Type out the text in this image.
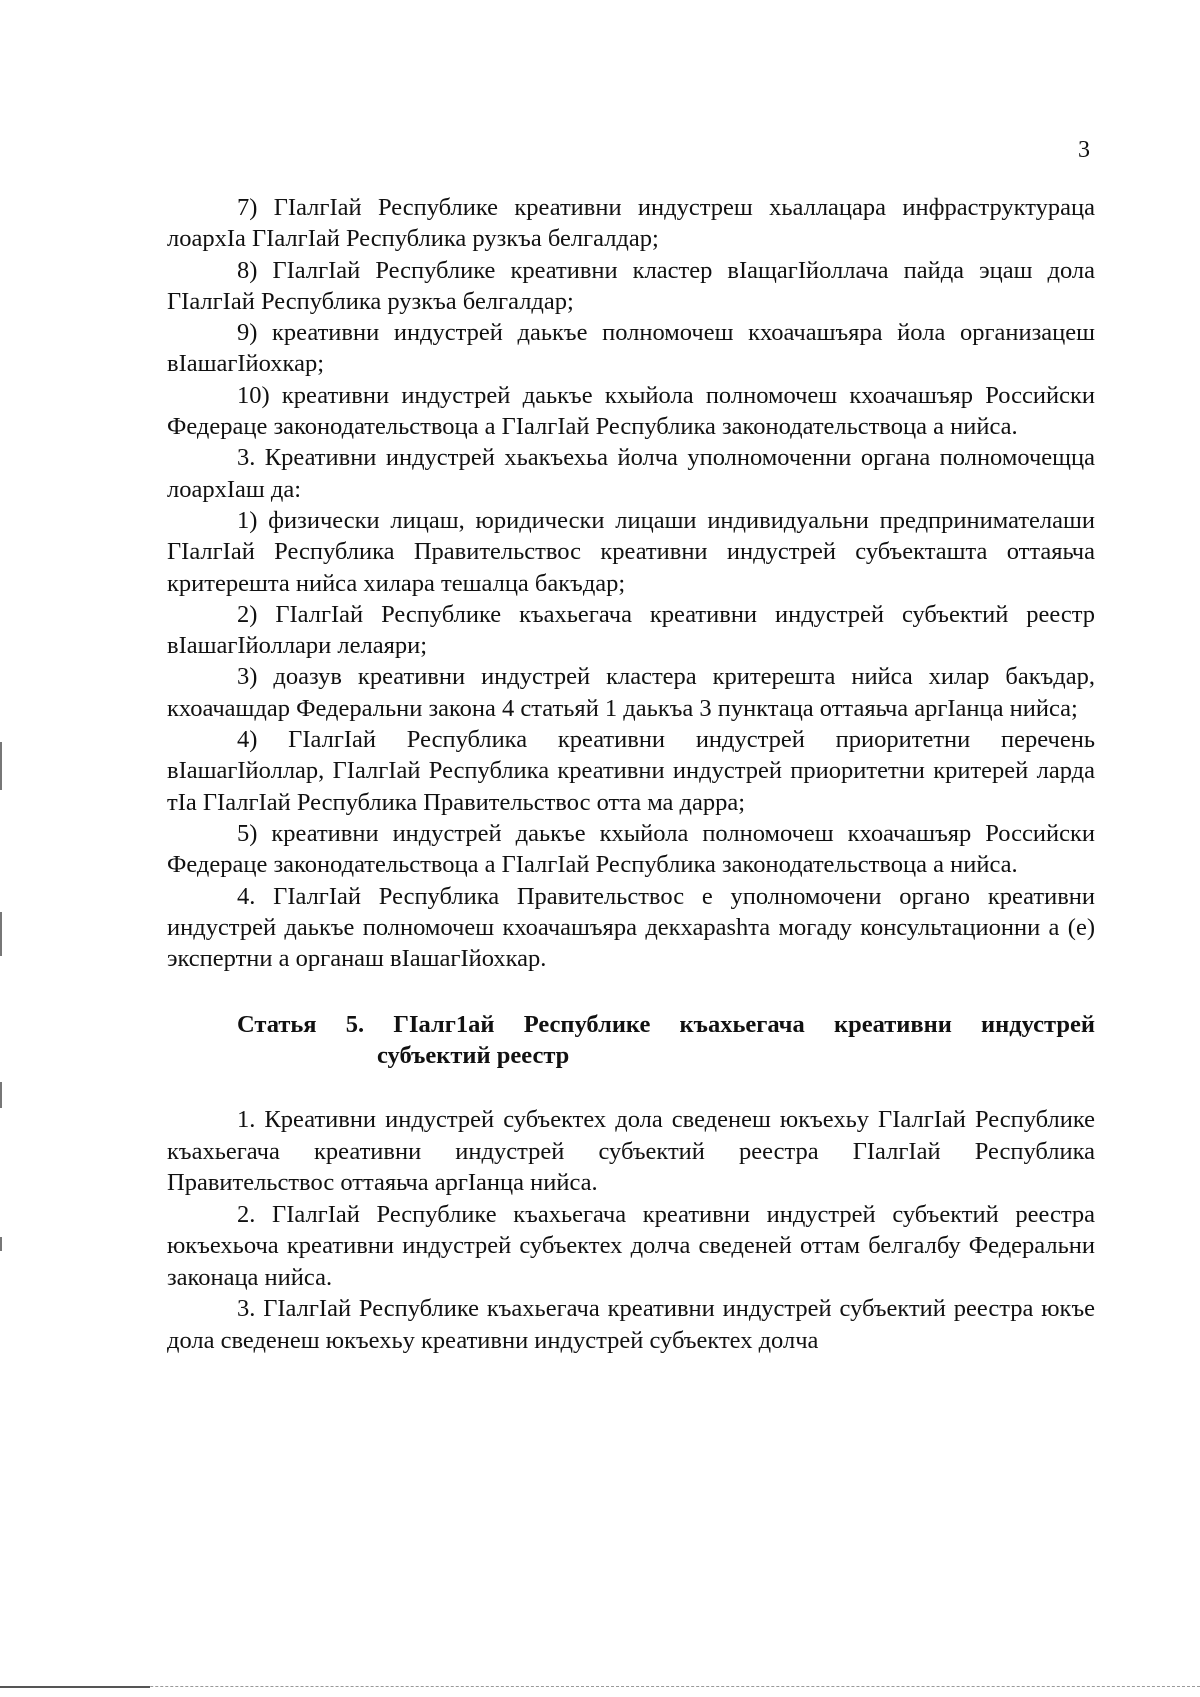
3

7) ГIалгIай Республике креативни индустреш хьаллацара инфраструктураца лоархIа ГIалгIай Республика рузкъа белгалдар;

8) ГIалгIай Республике креативни кластер вIащагIйоллача пайда эцаш дола ГIалгIай Республика рузкъа белгалдар;

9) креативни индустрей даькъе полномочеш кхоачашъяра йола организацеш вIашагIйохкар;

10) креативни индустрей даькъе кхыйола полномочеш кхоачашъяр Российски Федераце законодательствоца а ГIалгIай Республика законодательствоца а нийса.

3. Креативни индустрей хьакъехьа йолча уполномоченни органа полномочещца лоархIаш да:

1) физически лицаш, юридически лицаши индивидуальни предпринимателаши ГIалгIай Республика Правительствос креативни индустрей субъекташта оттаяьча критерешта нийса хилара тешалца бакъдар;

2) ГIалгIай Республике къахьегача креативни индустрей субъектий реестр вIашагIйоллари лелаяри;

3) доазув креативни индустрей кластера критерешта нийса хилар бакъдар, кхоачашдар Федеральни закона 4 статьяй 1 даькъа 3 пунктаца оттаяьча аргIанца нийса;

4) ГIалгIай Республика креативни индустрей приоритетни перечень вIашагIйоллар, ГIалгIай Республика креативни индустрей приоритетни критерей ларда тIа ГIалгIай Республика Правительствос отта ма дарра;

5) креативни индустрей даькъе кхыйола полномочеш кхоачашъяр Российски Федераце законодательствоца а ГIалгIай Республика законодательствоца а нийса.

4. ГIалгIай Республика Правительствос е уполномочени органо креативни индустрей даькъе полномочеш кхоачашъяра декхараshта могаду консультационни а (е) экспертни а органаш вIашагIйохкар.

Статья 5. ГIалг1ай Республике къахьегача креативни индустрей
субъектий реестр

1. Креативни индустрей субъектех дола сведенеш юкъехьу ГIалгIай Республике къахьегача креативни индустрей субъектий реестра ГIалгIай Республика Правительствос оттаяьча аргIанца нийса.

2. ГIалгIай Республике къахьегача креативни индустрей субъектий реестра юкъехьоча креативни индустрей субъектех долча сведеней оттам белгалбу Федеральни законаца нийса.

3. ГIалгIай Республике къахьегача креативни индустрей субъектий реестра юкъе дола сведенеш юкъехьу креативни индустрей субъектех долча
